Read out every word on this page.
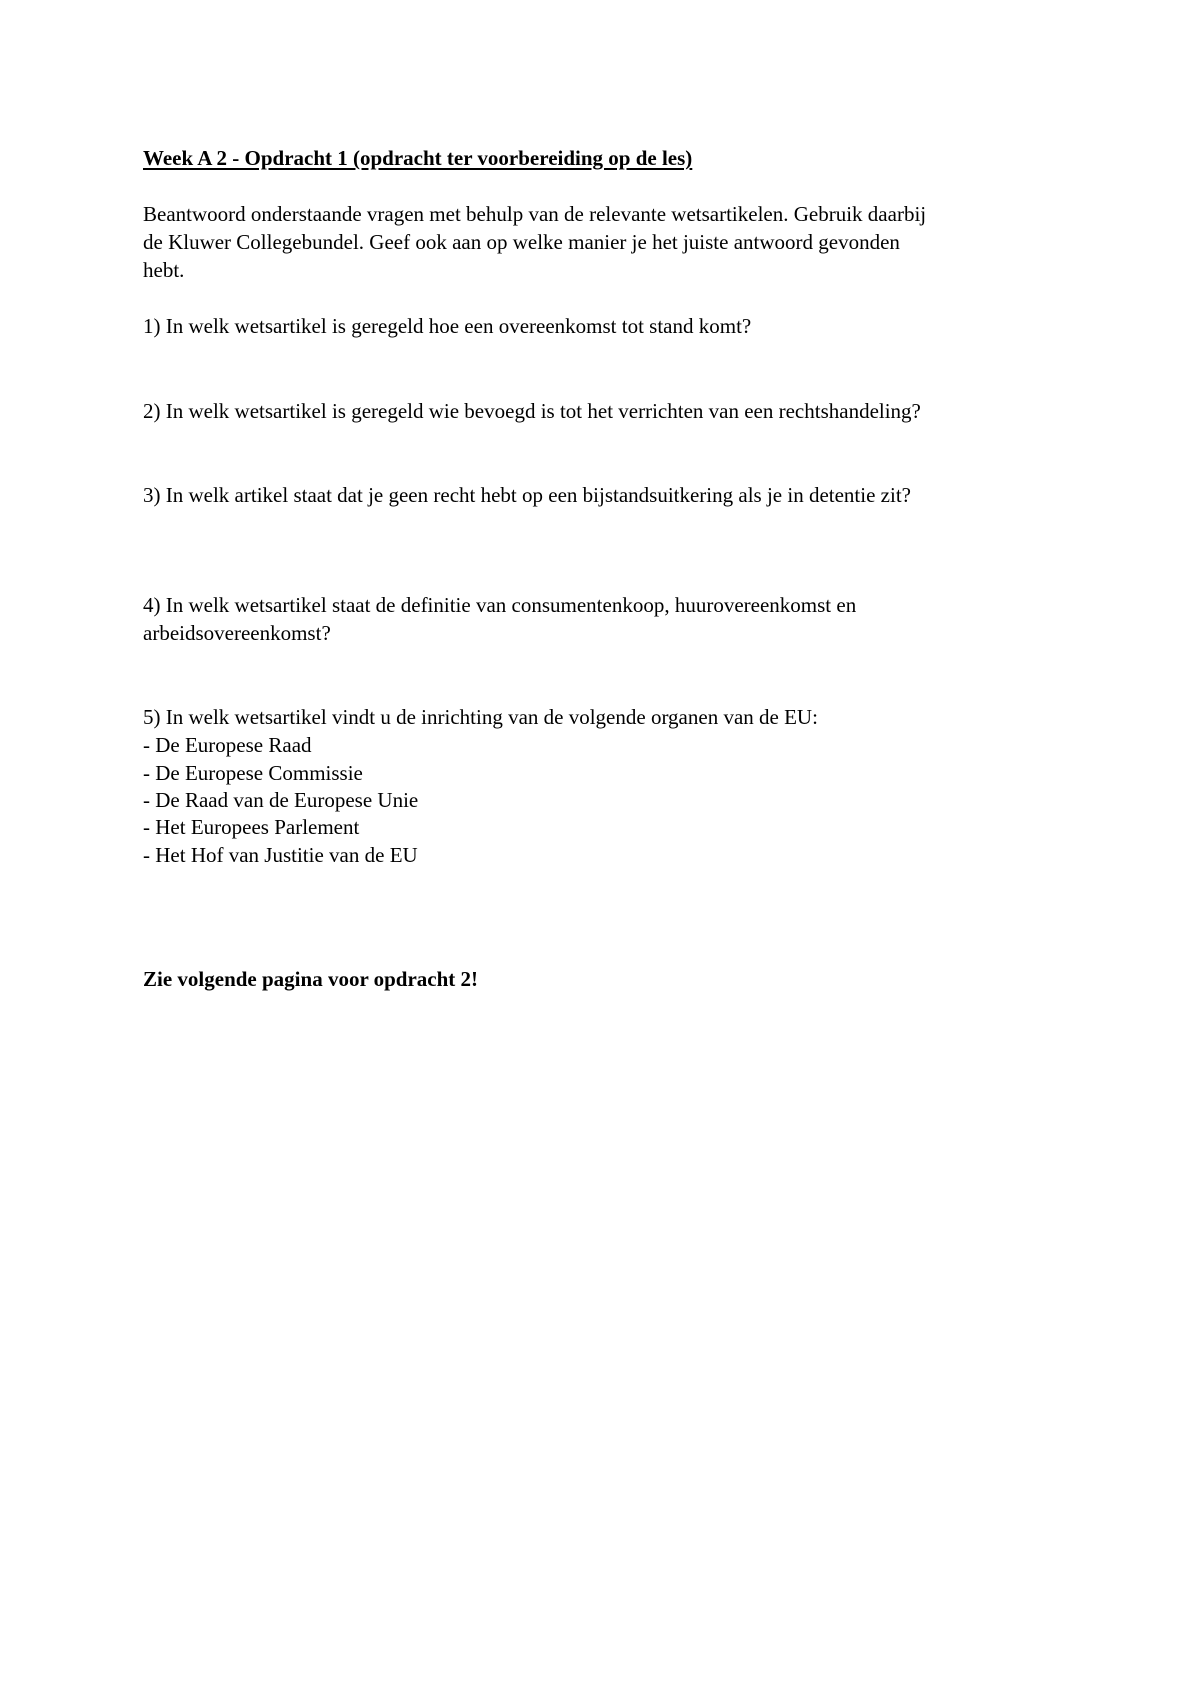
Week A 2 - Opdracht 1 (opdracht ter voorbereiding op de les)
Beantwoord onderstaande vragen met behulp van de relevante wetsartikelen. Gebruik daarbij
de Kluwer Collegebundel. Geef ook aan op welke manier je het juiste antwoord gevonden
hebt.
1) In welk wetsartikel is geregeld hoe een overeenkomst tot stand komt?
2) In welk wetsartikel is geregeld wie bevoegd is tot het verrichten van een rechtshandeling?
3) In welk artikel staat dat je geen recht hebt op een bijstandsuitkering als je in detentie zit?
4) In welk wetsartikel staat de definitie van consumentenkoop, huurovereenkomst en
arbeidsovereenkomst?
5) In welk wetsartikel vindt u de inrichting van de volgende organen van de EU:
- De Europese Raad
- De Europese Commissie
- De Raad van de Europese Unie
- Het Europees Parlement
- Het Hof van Justitie van de EU
Zie volgende pagina voor opdracht 2!
